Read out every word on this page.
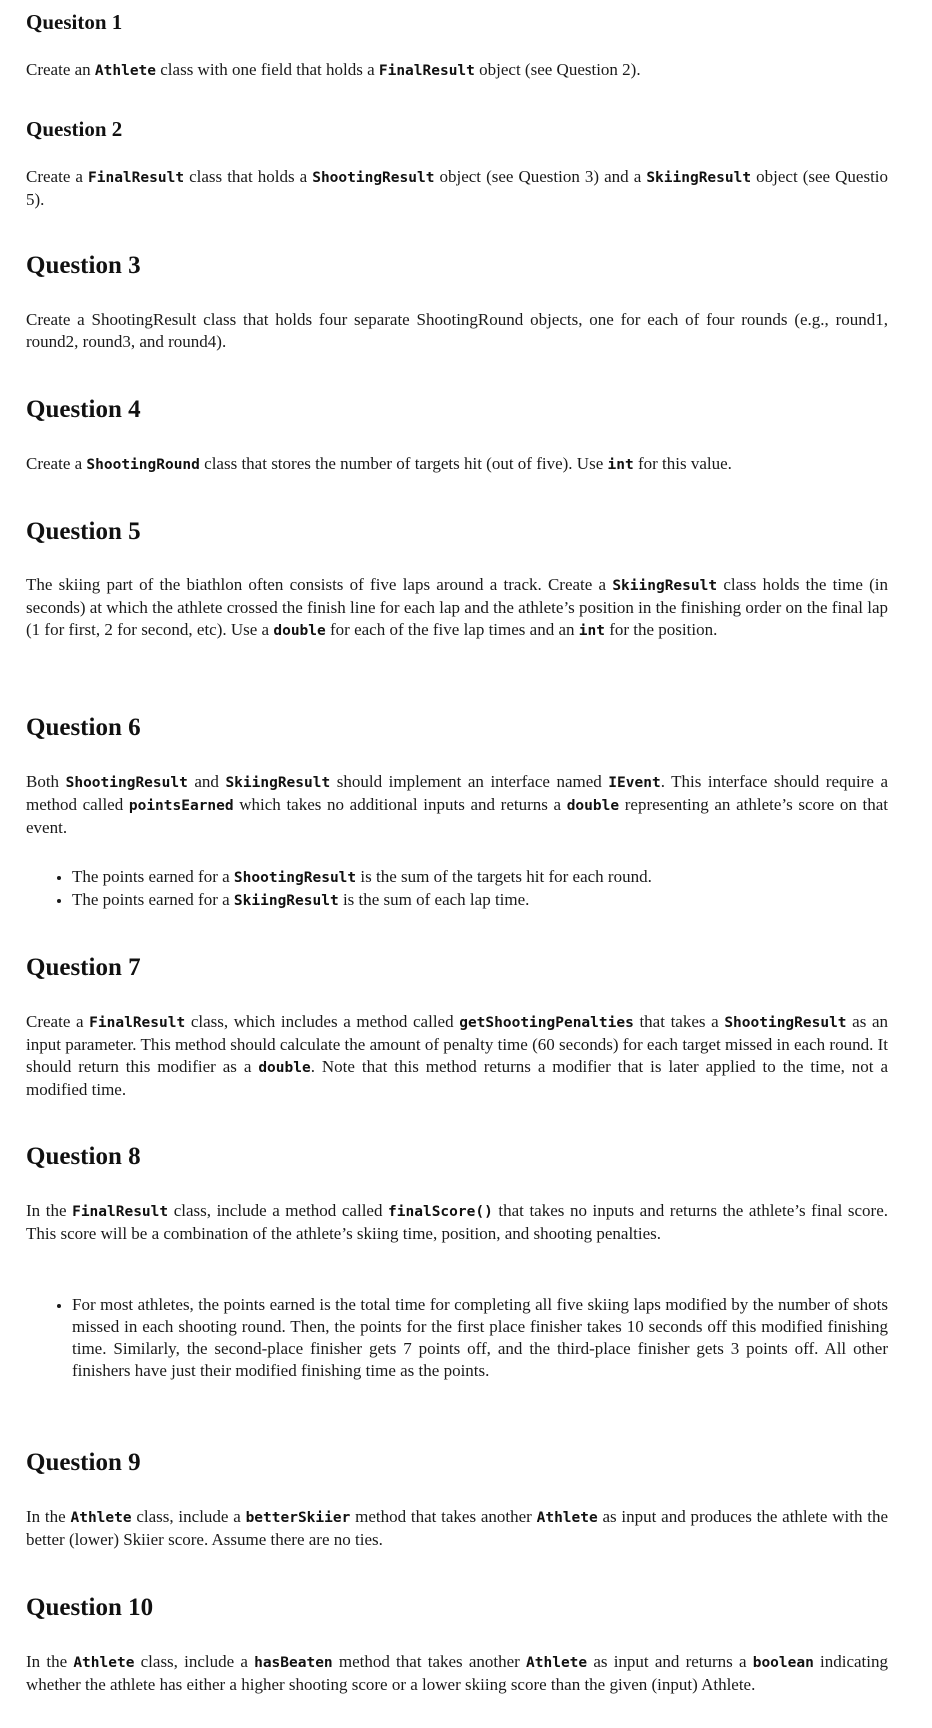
Quesiton 1
Create an Athlete class with one field that holds a FinalResult object (see Question 2).
Question 2
Create a FinalResult class that holds a ShootingResult object (see Question 3) and a SkiingResult object (see Questio 5).
Question 3
Create a ShootingResult class that holds four separate ShootingRound objects, one for each of four rounds (e.g., round1, round2, round3, and round4).
Question 4
Create a ShootingRound class that stores the number of targets hit (out of five). Use int for this value.
Question 5
The skiing part of the biathlon often consists of five laps around a track. Create a SkiingResult class holds the time (in seconds) at which the athlete crossed the finish line for each lap and the athlete’s position in the finishing order on the final lap (1 for first, 2 for second, etc). Use a double for each of the five lap times and an int for the position.
Question 6
Both ShootingResult and SkiingResult should implement an interface named IEvent. This interface should require a method called pointsEarned which takes no additional inputs and returns a double representing an athlete’s score on that event.
• The points earned for a ShootingResult is the sum of the targets hit for each round.
• The points earned for a SkiingResult is the sum of each lap time.
Question 7
Create a FinalResult class, which includes a method called getShootingPenalties that takes a ShootingResult as an input parameter. This method should calculate the amount of penalty time (60 seconds) for each target missed in each round. It should return this modifier as a double. Note that this method returns a modifier that is later applied to the time, not a modified time.
Question 8
In the FinalResult class, include a method called finalScore() that takes no inputs and returns the athlete’s final score. This score will be a combination of the athlete’s skiing time, position, and shooting penalties.
• For most athletes, the points earned is the total time for completing all five skiing laps modified by the number of shots missed in each shooting round. Then, the points for the first place finisher takes 10 seconds off this modified finishing time. Similarly, the second-place finisher gets 7 points off, and the third-place finisher gets 3 points off. All other finishers have just their modified finishing time as the points.
Question 9
In the Athlete class, include a betterSkiier method that takes another Athlete as input and produces the athlete with the better (lower) Skiier score. Assume there are no ties.
Question 10
In the Athlete class, include a hasBeaten method that takes another Athlete as input and returns a boolean indicating whether the athlete has either a higher shooting score or a lower skiing score than the given (input) Athlete.
